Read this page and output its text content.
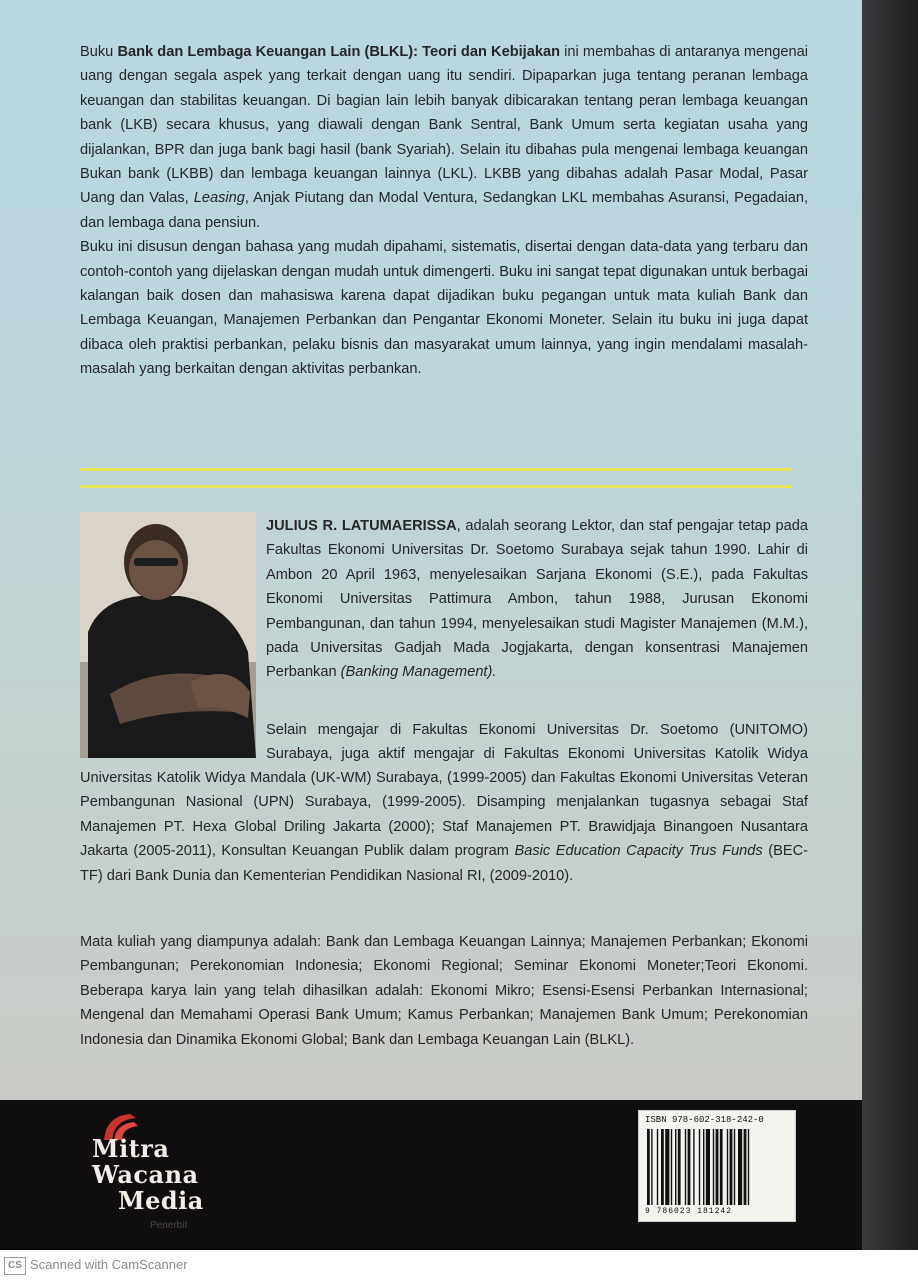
Buku Bank dan Lembaga Keuangan Lain (BLKL): Teori dan Kebijakan ini membahas di antaranya mengenai uang dengan segala aspek yang terkait dengan uang itu sendiri. Dipaparkan juga tentang peranan lembaga keuangan dan stabilitas keuangan. Di bagian lain lebih banyak dibicarakan tentang peran lembaga keuangan bank (LKB) secara khusus, yang diawali dengan Bank Sentral, Bank Umum serta kegiatan usaha yang dijalankan, BPR dan juga bank bagi hasil (bank Syariah). Selain itu dibahas pula mengenai lembaga keuangan Bukan bank (LKBB) dan lembaga keuangan lainnya (LKL). LKBB yang dibahas adalah Pasar Modal, Pasar Uang dan Valas, Leasing, Anjak Piutang dan Modal Ventura, Sedangkan LKL membahas Asuransi, Pegadaian, dan lembaga dana pensiun.
Buku ini disusun dengan bahasa yang mudah dipahami, sistematis, disertai dengan data-data yang terbaru dan contoh-contoh yang dijelaskan dengan mudah untuk dimengerti. Buku ini sangat tepat digunakan untuk berbagai kalangan baik dosen dan mahasiswa karena dapat dijadikan buku pegangan untuk mata kuliah Bank dan Lembaga Keuangan, Manajemen Perbankan dan Pengantar Ekonomi Moneter. Selain itu buku ini juga dapat dibaca oleh praktisi perbankan, pelaku bisnis dan masyarakat umum lainnya, yang ingin mendalami masalah-masalah yang berkaitan dengan aktivitas perbankan.
JULIUS R. LATUMAERISSA, adalah seorang Lektor, dan staf pengajar tetap pada Fakultas Ekonomi Universitas Dr. Soetomo Surabaya sejak tahun 1990. Lahir di Ambon 20 April 1963, menyelesaikan Sarjana Ekonomi (S.E.), pada Fakultas Ekonomi Universitas Pattimura Ambon, tahun 1988, Jurusan Ekonomi Pembangunan, dan tahun 1994, menyelesaikan studi Magister Manajemen (M.M.), pada Universitas Gadjah Mada Jogjakarta, dengan konsentrasi Manajemen Perbankan (Banking Management).
Selain mengajar di Fakultas Ekonomi Universitas Dr. Soetomo (UNITOMO) Surabaya, juga aktif mengajar di Fakultas Ekonomi Universitas Katolik Widya
Universitas Katolik Widya Mandala (UK-WM) Surabaya, (1999-2005) dan Fakultas Ekonomi Universitas Veteran Pembangunan Nasional (UPN) Surabaya, (1999-2005). Disamping menjalankan tugasnya sebagai Staf Manajemen PT. Hexa Global Driling Jakarta (2000); Staf Manajemen PT. Brawidjaja Binangoen Nusantara Jakarta (2005-2011), Konsultan Keuangan Publik dalam program Basic Education Capacity Trus Funds (BEC-TF) dari Bank Dunia dan Kementerian Pendidikan Nasional RI, (2009-2010).
Mata kuliah yang diampunya adalah: Bank dan Lembaga Keuangan Lainnya; Manajemen Perbankan; Ekonomi Pembangunan; Perekonomian Indonesia; Ekonomi Regional; Seminar Ekonomi Moneter;Teori Ekonomi. Beberapa karya lain yang telah dihasilkan adalah: Ekonomi Mikro; Esensi-Esensi Perbankan Internasional; Mengenal dan Memahami Operasi Bank Umum; Kamus Perbankan; Manajemen Bank Umum; Perekonomian Indonesia dan Dinamika Ekonomi Global; Bank dan Lembaga Keuangan Lain (BLKL).
Mitra
Wacana
Media
Penerbit
ISBN 978-602-318-242-0
9 786023 181242
CS Scanned with CamScanner
